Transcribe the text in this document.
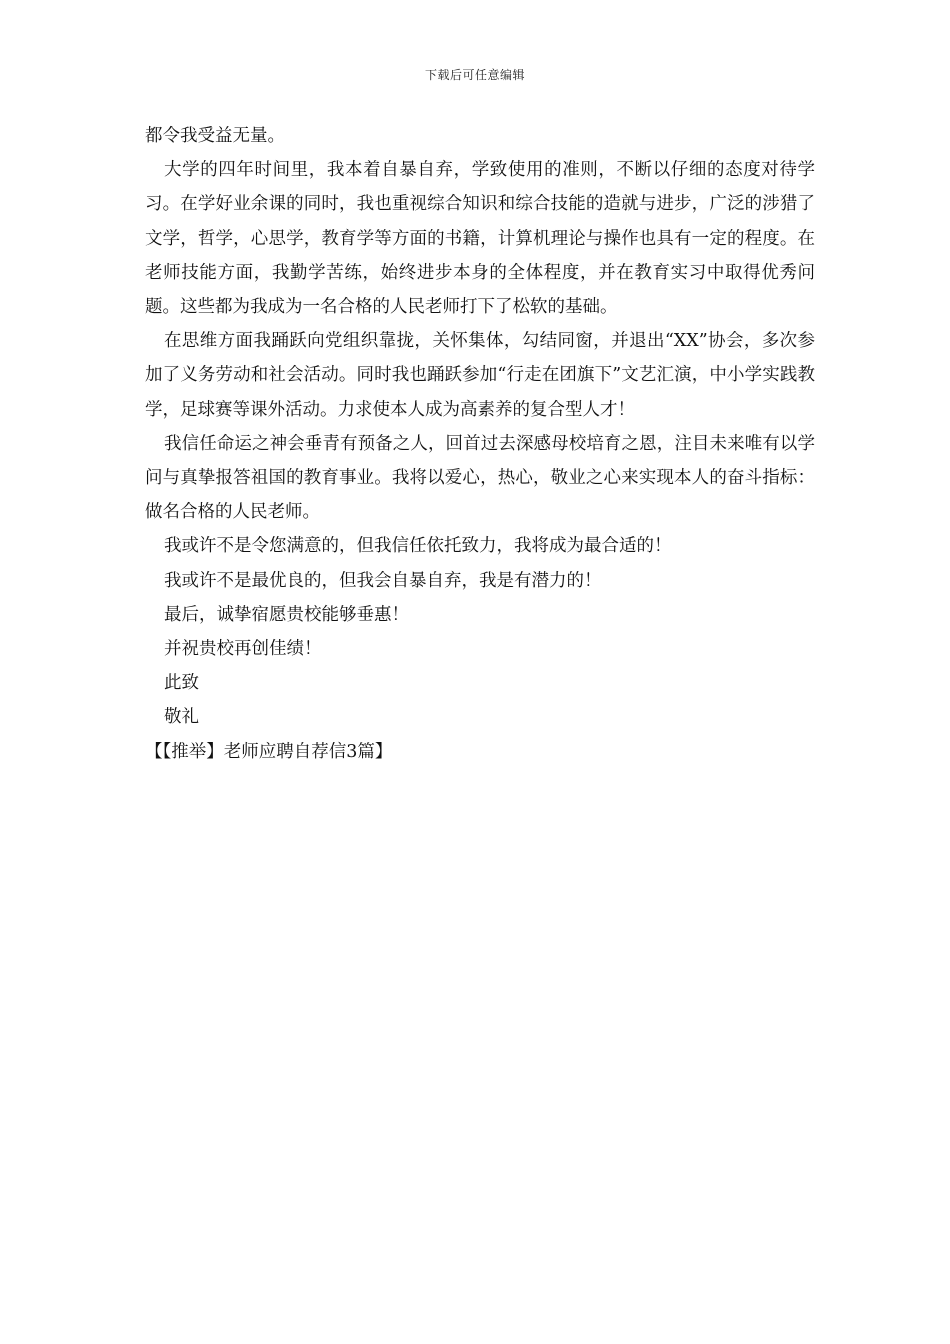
下载后可任意编辑

都令我受益无量。

大学的四年时间里，我本着自暴自弃，学致使用的准则，不断以仔细的态度对待学习。在学好业余课的同时，我也重视综合知识和综合技能的造就与进步，广泛的涉猎了文学，哲学，心思学，教育学等方面的书籍，计算机理论与操作也具有一定的程度。在老师技能方面，我勤学苦练，始终进步本身的全体程度，并在教育实习中取得优秀问题。这些都为我成为一名合格的人民老师打下了松软的基础。

在思维方面我踊跃向党组织靠拢，关怀集体，勾结同窗，并退出“XX”协会，多次参加了义务劳动和社会活动。同时我也踊跃参加“行走在团旗下”文艺汇演，中小学实践教学，足球赛等课外活动。力求使本人成为高素养的复合型人才！

我信任命运之神会垂青有预备之人，回首过去深感母校培育之恩，注目未来唯有以学问与真挚报答祖国的教育事业。我将以爱心，热心，敬业之心来实现本人的奋斗指标：做名合格的人民老师。

我或许不是令您满意的，但我信任依托致力，我将成为最合适的！

我或许不是最优良的，但我会自暴自弃，我是有潜力的！

最后，诚挚宿愿贵校能够垂惠！

并祝贵校再创佳绩！

此致

敬礼

【【推举】老师应聘自荐信3篇】
